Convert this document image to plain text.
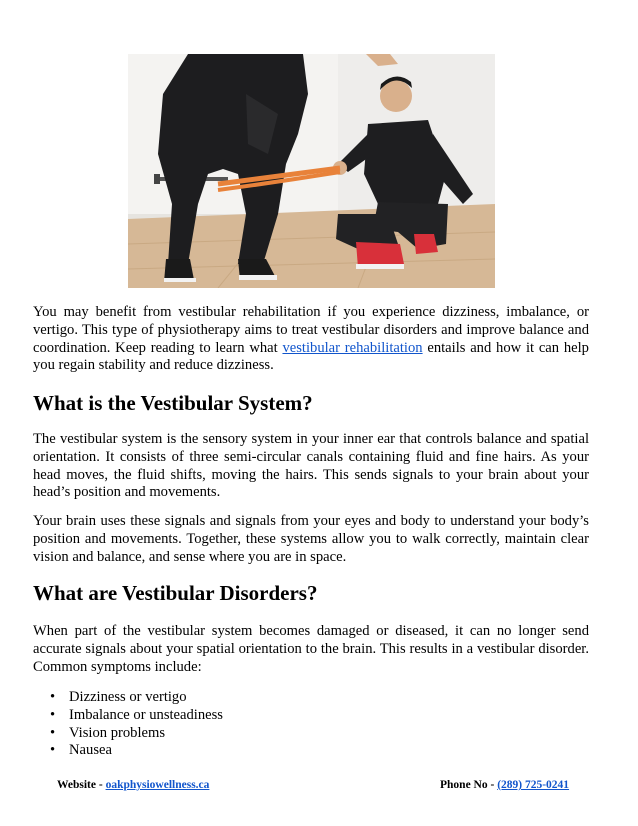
You may benefit from vestibular rehabilitation if you experience dizziness, imbalance, or vertigo. This type of physiotherapy aims to treat vestibular disorders and improve balance and coordination. Keep reading to learn what vestibular rehabilitation entails and how it can help you regain stability and reduce dizziness.

What is the Vestibular System?

The vestibular system is the sensory system in your inner ear that controls balance and spatial orientation. It consists of three semi-circular canals containing fluid and fine hairs. As your head moves, the fluid shifts, moving the hairs. This sends signals to your brain about your head’s position and movements.

Your brain uses these signals and signals from your eyes and body to understand your body’s position and movements. Together, these systems allow you to walk correctly, maintain clear vision and balance, and sense where you are in space.

What are Vestibular Disorders?

When part of the vestibular system becomes damaged or diseased, it can no longer send accurate signals about your spatial orientation to the brain. This results in a vestibular disorder. Common symptoms include:

• Dizziness or vertigo
• Imbalance or unsteadiness
• Vision problems
• Nausea
Website - oakphysiowellness.ca	Phone No - (289) 725-0241
